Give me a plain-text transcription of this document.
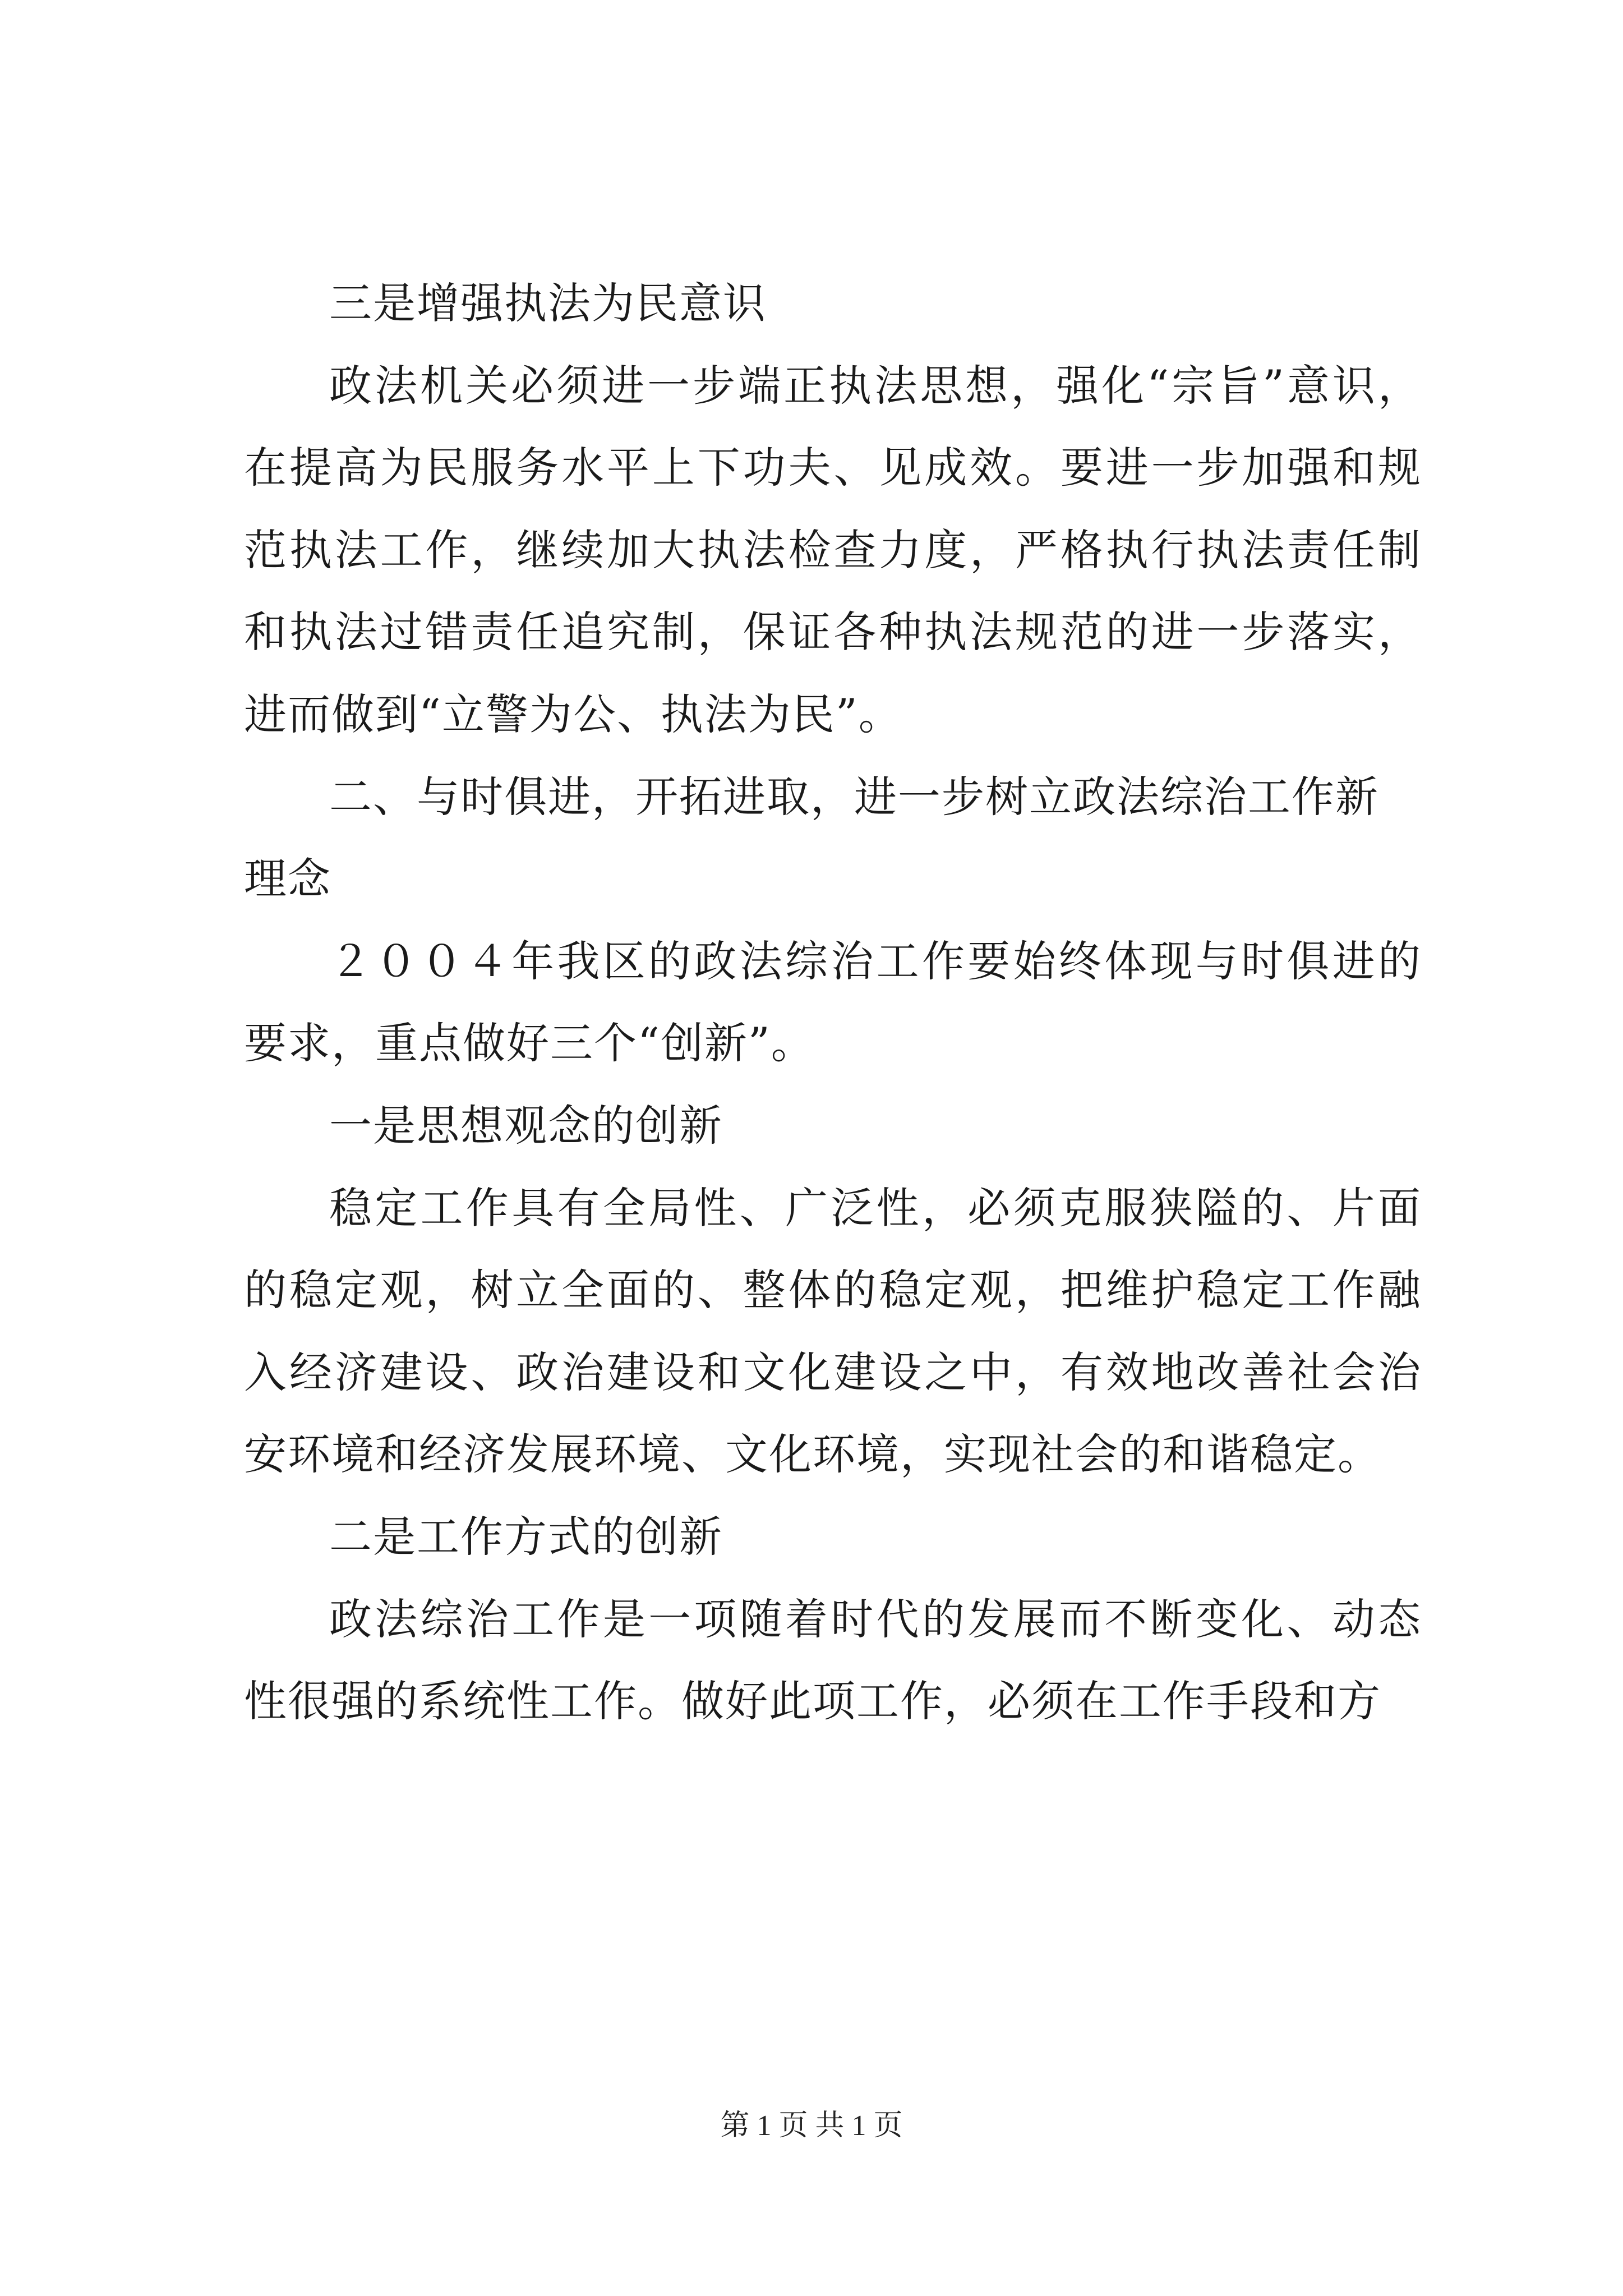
三是增强执法为民意识

政法机关必须进一步端正执法思想，强化“宗旨”意识，在提高为民服务水平上下功夫、见成效。要进一步加强和规范执法工作，继续加大执法检查力度，严格执行执法责任制和执法过错责任追究制，保证各种执法规范的进一步落实，进而做到“立警为公、执法为民”。

二、与时俱进，开拓进取，进一步树立政法综治工作新理念

２００４年我区的政法综治工作要始终体现与时俱进的要求，重点做好三个“创新”。

一是思想观念的创新

稳定工作具有全局性、广泛性，必须克服狭隘的、片面的稳定观，树立全面的、整体的稳定观，把维护稳定工作融入经济建设、政治建设和文化建设之中，有效地改善社会治安环境和经济发展环境、文化环境，实现社会的和谐稳定。

二是工作方式的创新

政法综治工作是一项随着时代的发展而不断变化、动态性很强的系统性工作。做好此项工作，必须在工作手段和方

第 1 页 共 1 页
